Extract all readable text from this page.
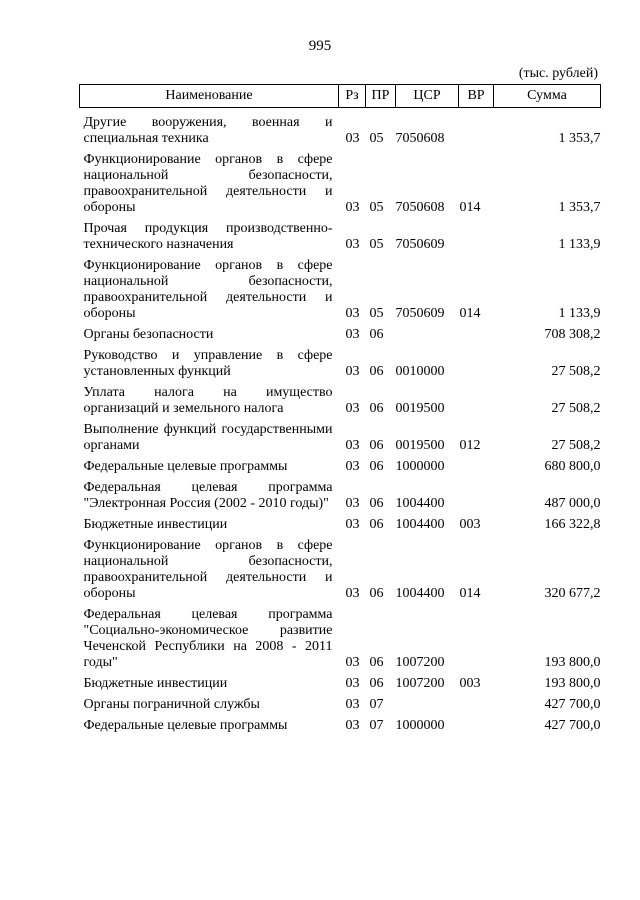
995
(тыс. рублей)
Наименование	Рз	ПР	ЦСР	ВР	Сумма
Другие вооружения, военная и специальная техника	03	05	7050608		1 353,7
Функционирование органов в сфере национальной безопасности, правоохранительной деятельности и обороны	03	05	7050608	014	1 353,7
Прочая продукция производственно-технического назначения	03	05	7050609		1 133,9
Функционирование органов в сфере национальной безопасности, правоохранительной деятельности и обороны	03	05	7050609	014	1 133,9
Органы безопасности	03	06			708 308,2
Руководство и управление в сфере установленных функций	03	06	0010000		27 508,2
Уплата налога на имущество организаций и земельного налога	03	06	0019500		27 508,2
Выполнение функций государственными органами	03	06	0019500	012	27 508,2
Федеральные целевые программы	03	06	1000000		680 800,0
Федеральная целевая программа "Электронная Россия (2002 - 2010 годы)"	03	06	1004400		487 000,0
Бюджетные инвестиции	03	06	1004400	003	166 322,8
Функционирование органов в сфере национальной безопасности, правоохранительной деятельности и обороны	03	06	1004400	014	320 677,2
Федеральная целевая программа "Социально-экономическое развитие Чеченской Республики на 2008 - 2011 годы"	03	06	1007200		193 800,0
Бюджетные инвестиции	03	06	1007200	003	193 800,0
Органы пограничной службы	03	07			427 700,0
Федеральные целевые программы	03	07	1000000		427 700,0
